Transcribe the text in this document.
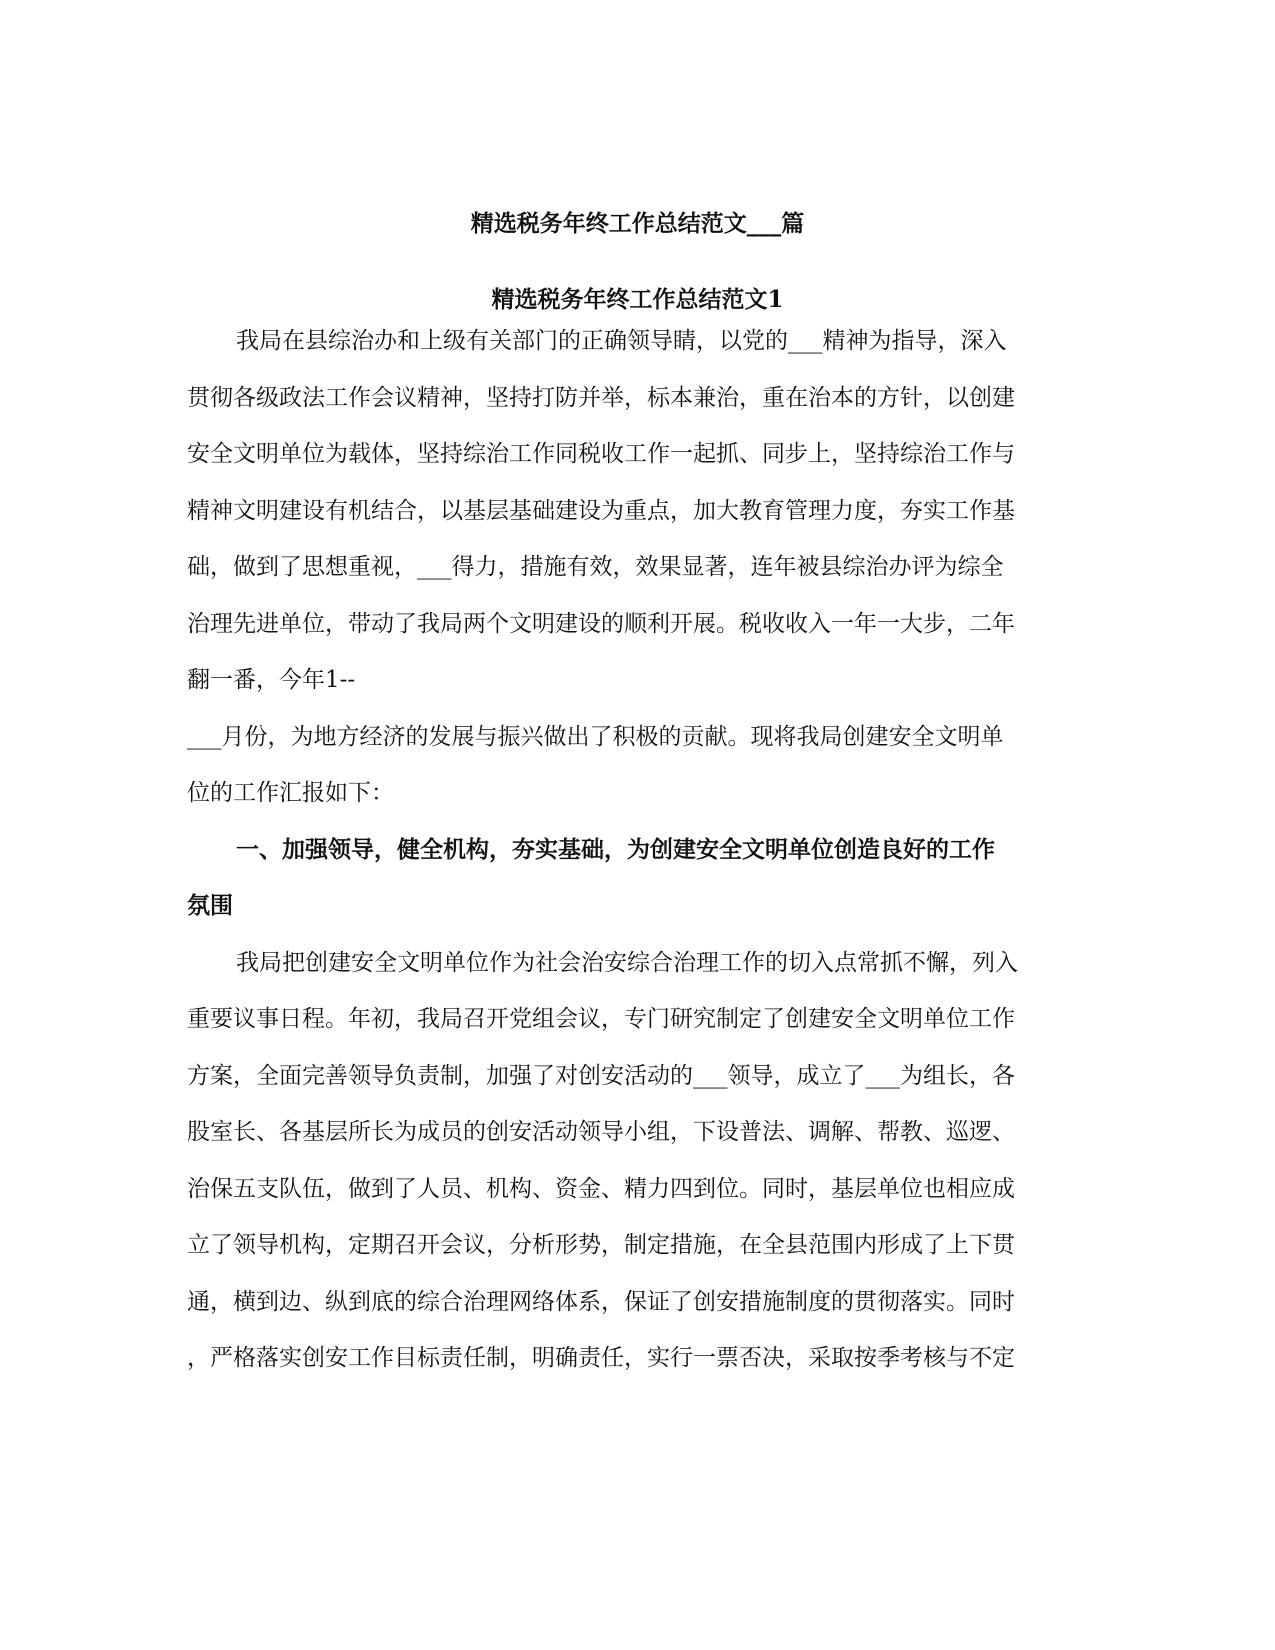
精选税务年终工作总结范文___篇
精选税务年终工作总结范文1
我局在县综治办和上级有关部门的正确领导睛，以党的___精神为指导，深入
贯彻各级政法工作会议精神，坚持打防并举，标本兼治，重在治本的方针，以创建
安全文明单位为载体，坚持综治工作同税收工作一起抓、同步上，坚持综治工作与
精神文明建设有机结合，以基层基础建设为重点，加大教育管理力度，夯实工作基
础，做到了思想重视，___得力，措施有效，效果显著，连年被县综治办评为综全
治理先进单位，带动了我局两个文明建设的顺利开展。税收收入一年一大步，二年
翻一番，今年1--
___月份，为地方经济的发展与振兴做出了积极的贡献。现将我局创建安全文明单
位的工作汇报如下：
一、加强领导，健全机构，夯实基础，为创建安全文明单位创造良好的工作
氛围
我局把创建安全文明单位作为社会治安综合治理工作的切入点常抓不懈，列入
重要议事日程。年初，我局召开党组会议，专门研究制定了创建安全文明单位工作
方案，全面完善领导负责制，加强了对创安活动的___领导，成立了___为组长，各
股室长、各基层所长为成员的创安活动领导小组，下设普法、调解、帮教、巡逻、
治保五支队伍，做到了人员、机构、资金、精力四到位。同时，基层单位也相应成
立了领导机构，定期召开会议，分析形势，制定措施，在全县范围内形成了上下贯
通，横到边、纵到底的综合治理网络体系，保证了创安措施制度的贯彻落实。同时
，严格落实创安工作目标责任制，明确责任，实行一票否决，采取按季考核与不定
